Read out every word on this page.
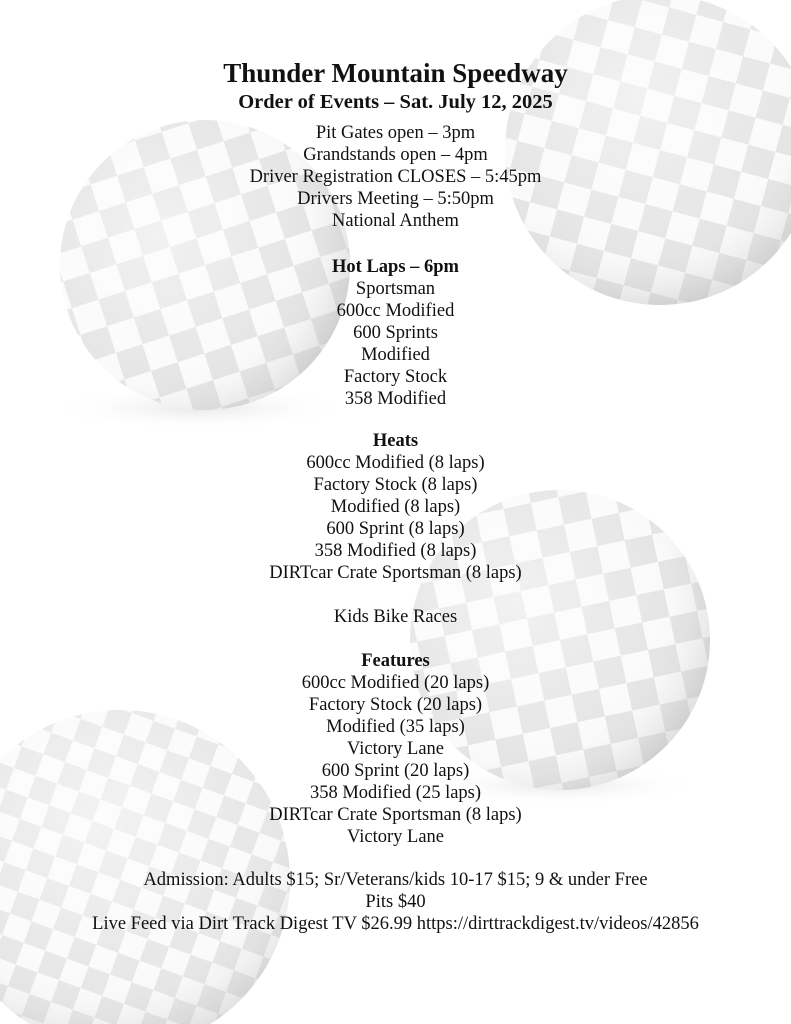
Thunder Mountain Speedway
Order of Events – Sat. July 12, 2025
Pit Gates open – 3pm
Grandstands open – 4pm
Driver Registration CLOSES – 5:45pm
Drivers Meeting – 5:50pm
National Anthem
Hot Laps – 6pm
Sportsman
600cc Modified
600 Sprints
Modified
Factory Stock
358 Modified
Heats
600cc Modified (8 laps)
Factory Stock (8 laps)
Modified (8 laps)
600 Sprint (8 laps)
358 Modified (8 laps)
DIRTcar Crate Sportsman (8 laps)
Kids Bike Races
Features
600cc Modified (20 laps)
Factory Stock (20 laps)
Modified (35 laps)
Victory Lane
600 Sprint (20 laps)
358 Modified (25 laps)
DIRTcar Crate Sportsman (8 laps)
Victory Lane
Admission: Adults $15; Sr/Veterans/kids 10-17 $15; 9 & under Free
Pits $40
Live Feed via Dirt Track Digest TV $26.99 https://dirttrackdigest.tv/videos/42856
